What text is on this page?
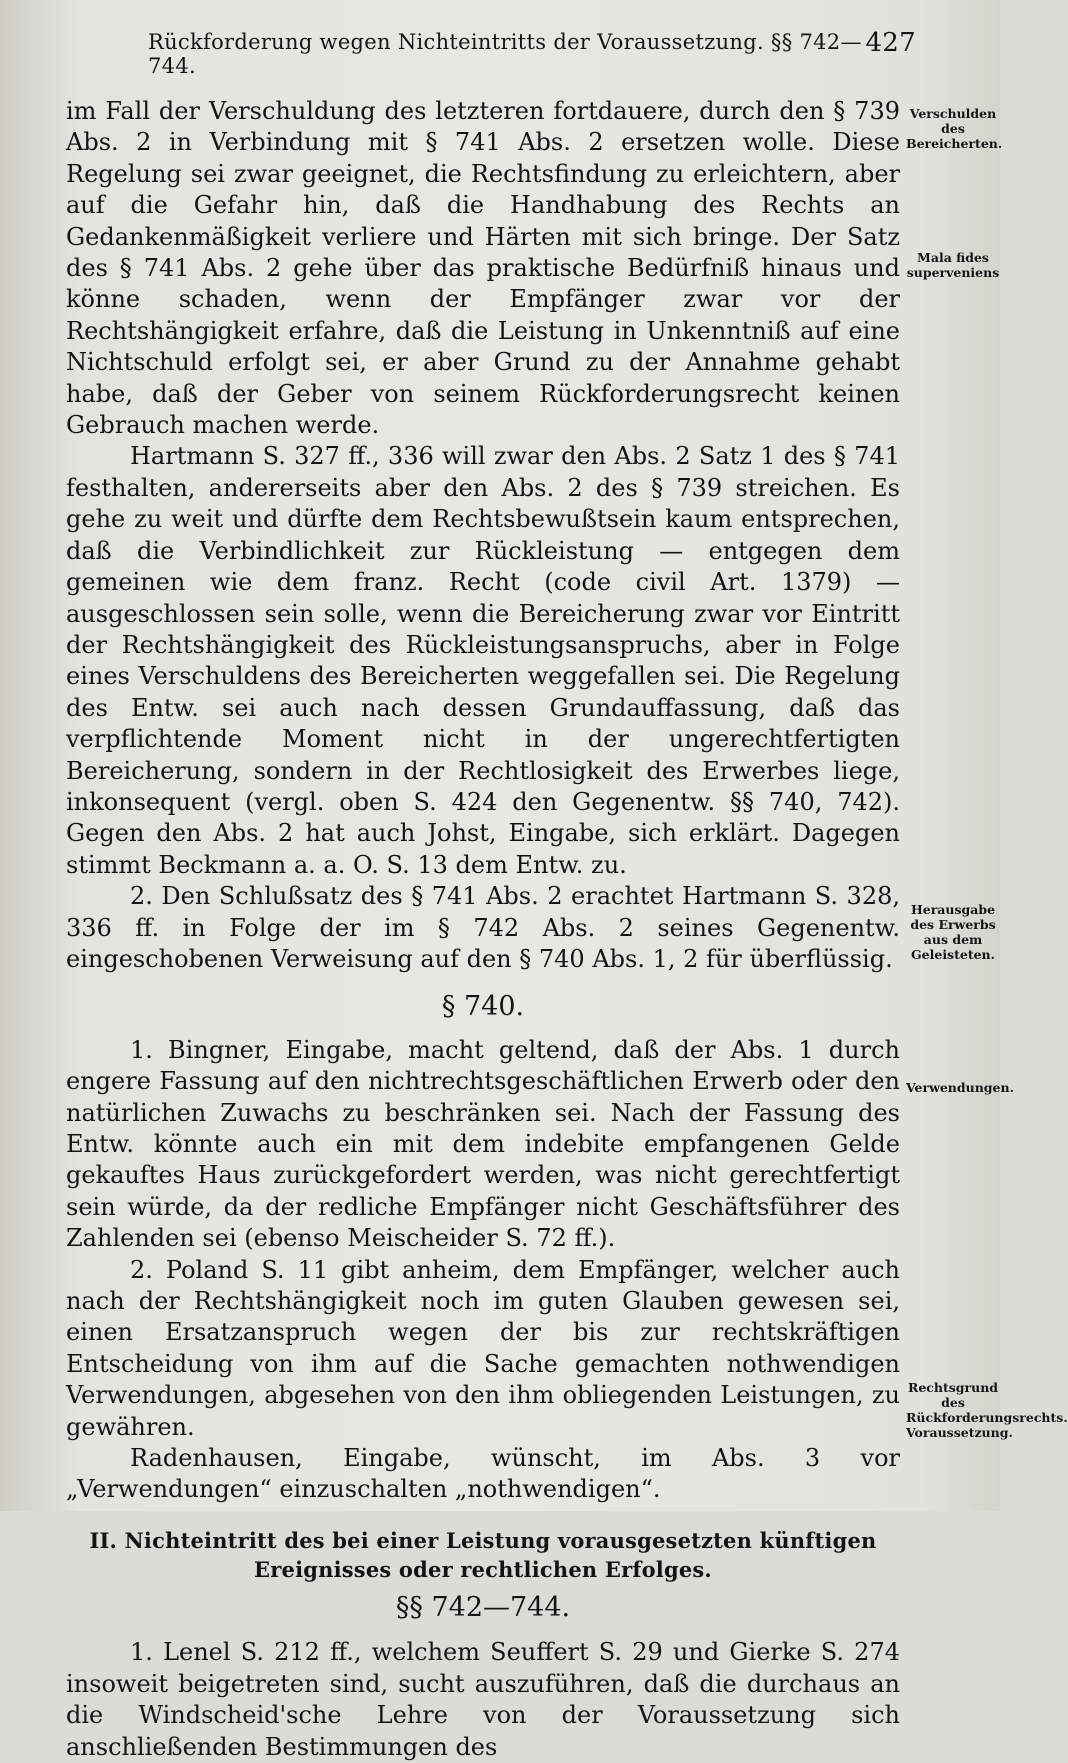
Rückforderung wegen Nichteintritts der Voraussetzung. §§ 742—744.
427

im Fall der Verschuldung des letzteren fortdauere, durch den § 739 Abs. 2 in Verbindung mit § 741 Abs. 2 ersetzen wolle. Diese Regelung sei zwar geeignet, die Rechtsfindung zu erleichtern, aber auf die Gefahr hin, daß die Handhabung des Rechts an Gedankenmäßigkeit verliere und Härten mit sich bringe. Der Satz des § 741 Abs. 2 gehe über das praktische Bedürfniß hinaus und könne schaden, wenn der Empfänger zwar vor der Rechtshängigkeit erfahre, daß die Leistung in Unkenntniß auf eine Nichtschuld erfolgt sei, er aber Grund zu der Annahme gehabt habe, daß der Geber von seinem Rückforderungsrecht keinen Gebrauch machen werde.

Hartmann S. 327 ff., 336 will zwar den Abs. 2 Satz 1 des § 741 festhalten, andererseits aber den Abs. 2 des § 739 streichen. Es gehe zu weit und dürfte dem Rechtsbewußtsein kaum entsprechen, daß die Verbindlichkeit zur Rückleistung — entgegen dem gemeinen wie dem franz. Recht (code civil Art. 1379) — ausgeschlossen sein solle, wenn die Bereicherung zwar vor Eintritt der Rechtshängigkeit des Rückleistungsanspruchs, aber in Folge eines Verschuldens des Bereicherten weggefallen sei. Die Regelung des Entw. sei auch nach dessen Grundauffassung, daß das verpflichtende Moment nicht in der ungerechtfertigten Bereicherung, sondern in der Rechtlosigkeit des Erwerbes liege, inkonsequent (vergl. oben S. 424 den Gegenentw. §§ 740, 742). Gegen den Abs. 2 hat auch Johst, Eingabe, sich erklärt. Dagegen stimmt Beckmann a. a. O. S. 13 dem Entw. zu.

2. Den Schlußsatz des § 741 Abs. 2 erachtet Hartmann S. 328, 336 ff. in Folge der im § 742 Abs. 2 seines Gegenentw. eingeschobenen Verweisung auf den § 740 Abs. 1, 2 für überflüssig.

§ 740.

1. Bingner, Eingabe, macht geltend, daß der Abs. 1 durch engere Fassung auf den nichtrechtsgeschäftlichen Erwerb oder den natürlichen Zuwachs zu beschränken sei. Nach der Fassung des Entw. könnte auch ein mit dem indebite empfangenen Gelde gekauftes Haus zurückgefordert werden, was nicht gerechtfertigt sein würde, da der redliche Empfänger nicht Geschäftsführer des Zahlenden sei (ebenso Meischeider S. 72 ff.).

2. Poland S. 11 gibt anheim, dem Empfänger, welcher auch nach der Rechtshängigkeit noch im guten Glauben gewesen sei, einen Ersatzanspruch wegen der bis zur rechtskräftigen Entscheidung von ihm auf die Sache gemachten nothwendigen Verwendungen, abgesehen von den ihm obliegenden Leistungen, zu gewähren.

Radenhausen, Eingabe, wünscht, im Abs. 3 vor „Verwendungen“ einzuschalten „nothwendigen“.

II. Nichteintritt des bei einer Leistung vorausgesetzten künftigen Ereignisses oder rechtlichen Erfolges.

§§ 742—744.

1. Lenel S. 212 ff., welchem Seuffert S. 29 und Gierke S. 274 insoweit beigetreten sind, sucht auszuführen, daß die durchaus an die Windscheid'sche Lehre von der Voraussetzung sich anschließenden Bestimmungen des

Verschulden des Bereicherten.
Mala fides superveniens
Herausgabe des Erwerbs aus dem Geleisteten.
Verwendungen.
Rechtsgrund des Rückforderungsrechts. Voraussetzung.
